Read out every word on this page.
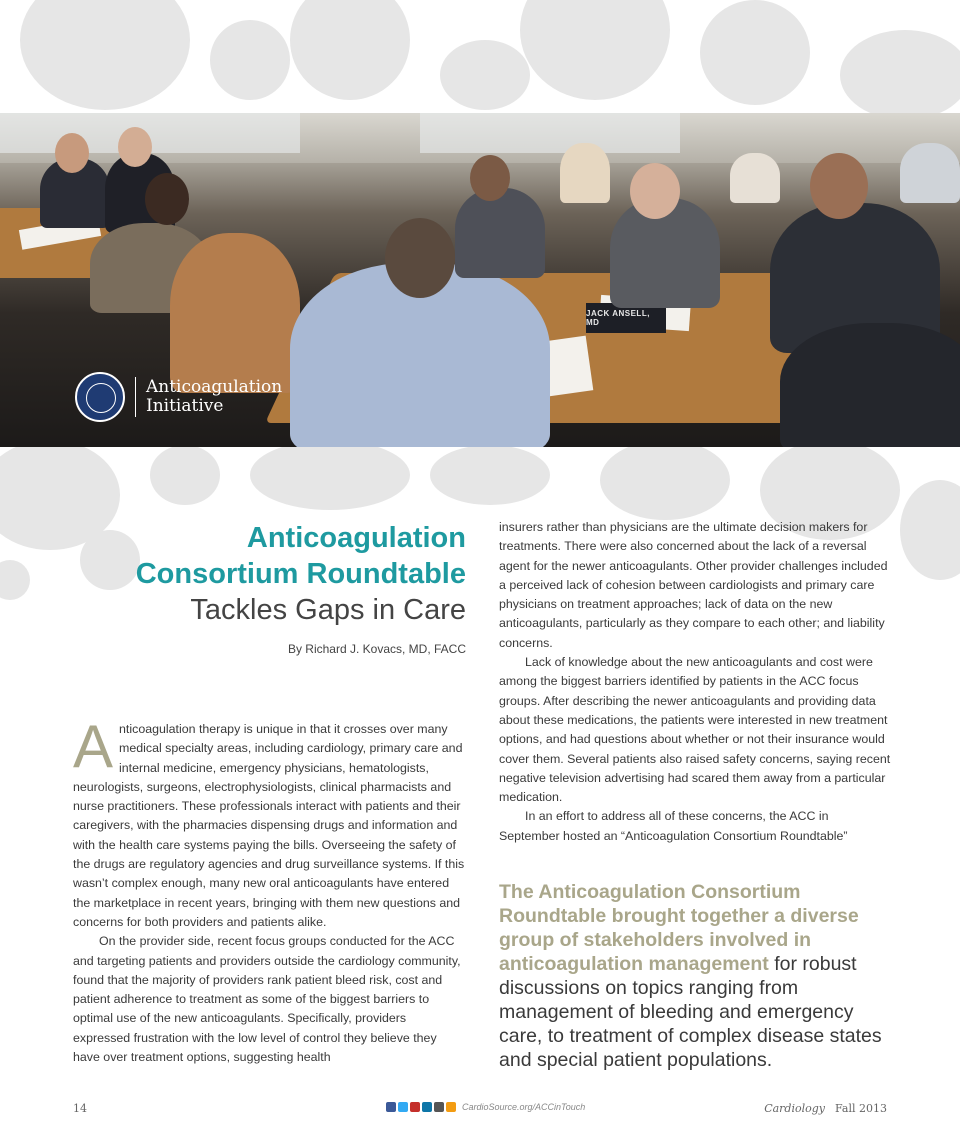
JACK ANSELL, MD
Anticoagulation
Initiative
Anticoagulation
Consortium Roundtable
Tackles Gaps in Care
By Richard J. Kovacs, MD, FACC

Anticoagulation therapy is unique in that it crosses over many medical specialty areas, including cardiology, primary care and internal medicine, emergency physicians, hematologists, neurologists, surgeons, electrophysiologists, clinical pharmacists and nurse practitioners. These professionals interact with patients and their caregivers, with the pharmacies dispensing drugs and information and with the health care systems paying the bills. Overseeing the safety of the drugs are regulatory agencies and drug surveillance systems. If this wasn’t complex enough, many new oral anticoagulants have entered the marketplace in recent years, bringing with them new questions and concerns for both providers and patients alike.

On the provider side, recent focus groups conducted for the ACC and targeting patients and providers outside the cardiology community, found that the majority of providers rank patient bleed risk, cost and patient adherence to treatment as some of the biggest barriers to optimal use of the new anticoagulants. Specifically, providers expressed frustration with the low level of control they believe they have over treatment options, suggesting health

insurers rather than physicians are the ultimate decision makers for treatments. There were also concerned about the lack of a reversal agent for the newer anticoagulants. Other provider challenges included a perceived lack of cohesion between cardiologists and primary care physicians on treatment approaches; lack of data on the new anticoagulants, particularly as they compare to each other; and liability concerns.

Lack of knowledge about the new anticoagulants and cost were among the biggest barriers identified by patients in the ACC focus groups. After describing the newer anticoagulants and providing data about these medications, the patients were interested in new treatment options, and had questions about whether or not their insurance would cover them. Several patients also raised safety concerns, saying recent negative television advertising had scared them away from a particular medication.

In an effort to address all of these concerns, the ACC in September hosted an “Anticoagulation Consortium Roundtable”

The Anticoagulation Consortium Roundtable brought together a diverse group of stakeholders involved in anticoagulation management for robust discussions on topics ranging from management of bleeding and emergency care, to treatment of complex disease states and special patient populations.
14	CardioSource.org/ACCinTouch	Cardiology Fall 2013
